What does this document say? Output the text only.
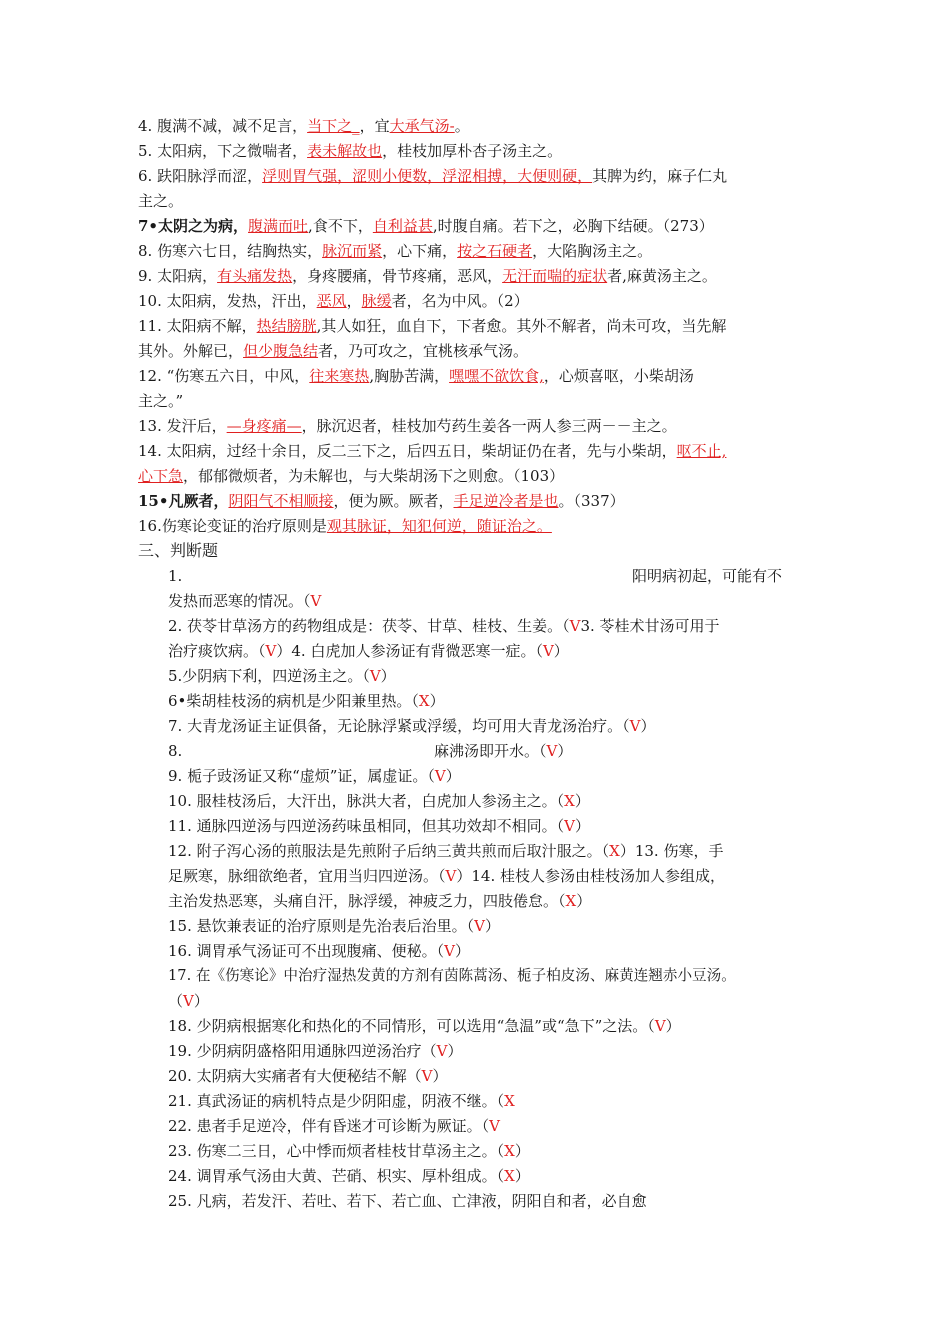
4. 腹满不减，减不足言，当下之_，宜大承气汤-。
5. 太阳病，下之微喘者，表未解故也，桂枝加厚朴杏子汤主之。
6. 趺阳脉浮而涩，浮则胃气强，涩则小便数，浮涩相搏，大便则硬，其脾为约，麻子仁丸
主之。
7•太阴之为病，腹满而吐,食不下，自利益甚,时腹自痛。若下之，必胸下结硬。（273）
8. 伤寒六七日，结胸热实，脉沉而紧，心下痛，按之石硬者，大陷胸汤主之。
9. 太阳病，有头痛发热，身疼腰痛，骨节疼痛，恶风，无汗而喘的症状者,麻黄汤主之。
10. 太阳病，发热，汗出，恶风，脉缓者，名为中风。（2）
11. 太阳病不解，热结膀胱,其人如狂，血自下，下者愈。其外不解者，尚未可攻，当先解
其外。外解已，但少腹急结者，乃可攻之，宜桃核承气汤。
12. “伤寒五六日，中风，往来寒热,胸胁苦满，嘿嘿不欲饮食,，心烦喜呕，小柴胡汤
主之。”
13. 发汗后，—身疼痛—，脉沉迟者，桂枝加芍药生姜各一两人参三两－－主之。
14. 太阳病，过经十余日，反二三下之，后四五日，柴胡证仍在者，先与小柴胡，呕不止,
心下急，郁郁微烦者，为未解也，与大柴胡汤下之则愈。（103）
15•凡厥者，阴阳气不相顺接，便为厥。厥者，手足逆冷者是也。（337）
16.伤寒论变证的治疗原则是观其脉证，知犯何逆，随证治之。
三、判断题
1.	阳明病初起，可能有不
发热而恶寒的情况。（V
2. 茯苓甘草汤方的药物组成是：茯苓、甘草、桂枝、生姜。（V3. 苓桂术甘汤可用于
治疗痰饮病。（V）4. 白虎加人参汤证有背微恶寒一症。（V）
5.少阴病下利，四逆汤主之。（V）
6•柴胡桂枝汤的病机是少阳兼里热。（X）
7. 大青龙汤证主证俱备，无论脉浮紧或浮缓，均可用大青龙汤治疗。（V）
8.	麻沸汤即开水。（V）
9. 栀子豉汤证又称“虚烦”证，属虚证。（V）
10. 服桂枝汤后，大汗出，脉洪大者，白虎加人参汤主之。（X）
11. 通脉四逆汤与四逆汤药味虽相同，但其功效却不相同。（V）
12. 附子泻心汤的煎服法是先煎附子后纳三黄共煎而后取汁服之。（X）13. 伤寒，手
足厥寒，脉细欲绝者，宜用当归四逆汤。（V）14. 桂枝人参汤由桂枝汤加人参组成，
主治发热恶寒，头痛自汗，脉浮缓，神疲乏力，四肢倦怠。（X）
15. 悬饮兼表证的治疗原则是先治表后治里。（V）
16. 调胃承气汤证可不出现腹痛、便秘。（V）
17. 在《伤寒论》中治疗湿热发黄的方剂有茵陈蒿汤、栀子柏皮汤、麻黄连翘赤小豆汤。
（V）
18. 少阴病根据寒化和热化的不同情形，可以选用“急温”或“急下”之法。（V）
19. 少阴病阴盛格阳用通脉四逆汤治疗（V）
20. 太阴病大实痛者有大便秘结不解（V）
21. 真武汤证的病机特点是少阴阳虚，阴液不继。（X
22. 患者手足逆冷，伴有昏迷才可诊断为厥证。（V
23. 伤寒二三日，心中悸而烦者桂枝甘草汤主之。（X）
24. 调胃承气汤由大黄、芒硝、枳实、厚朴组成。（X）
25. 凡病，若发汗、若吐、若下、若亡血、亡津液，阴阳自和者，必自愈
